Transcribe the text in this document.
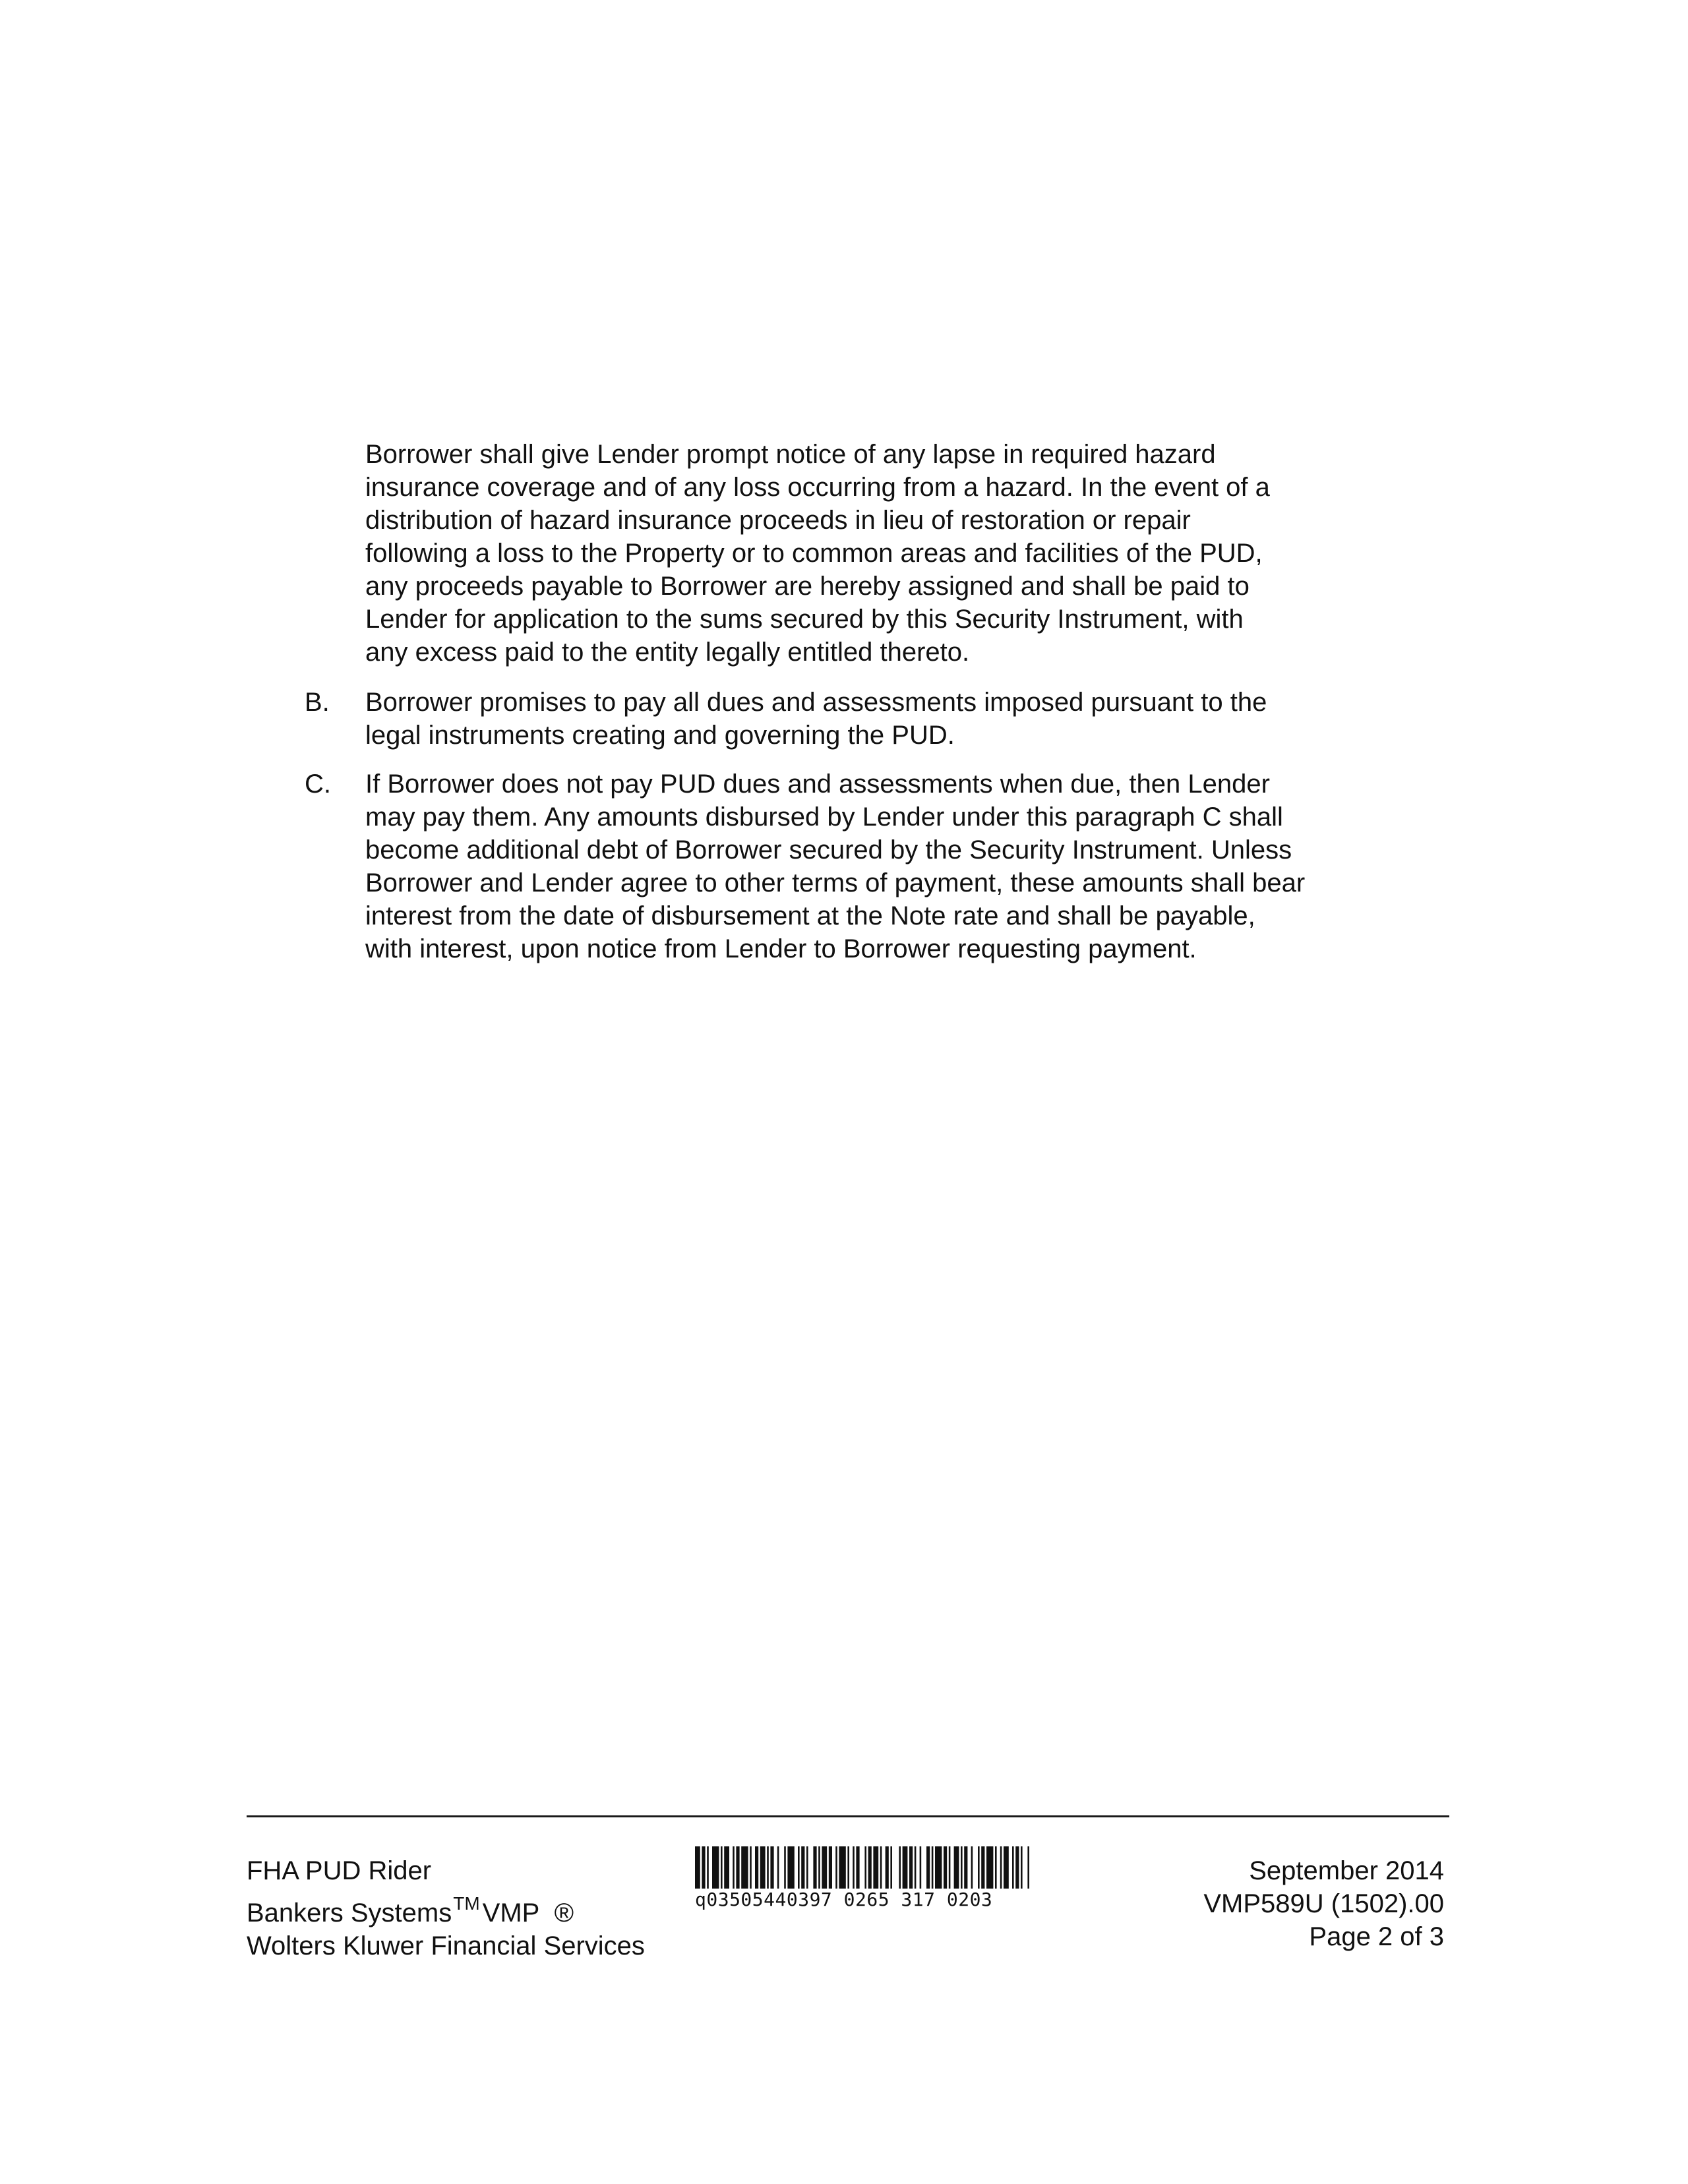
Borrower shall give Lender prompt notice of any lapse in required hazard
insurance coverage and of any loss occurring from a hazard. In the event of a
distribution of hazard insurance proceeds in lieu of restoration or repair
following a loss to the Property or to common areas and facilities of the PUD,
any proceeds payable to Borrower are hereby assigned and shall be paid to
Lender for application to the sums secured by this Security Instrument, with
any excess paid to the entity legally entitled thereto.

B. Borrower promises to pay all dues and assessments imposed pursuant to the
legal instruments creating and governing the PUD.
C. If Borrower does not pay PUD dues and assessments when due, then Lender
may pay them. Any amounts disbursed by Lender under this paragraph C shall
become additional debt of Borrower secured by the Security Instrument. Unless
Borrower and Lender agree to other terms of payment, these amounts shall bear
interest from the date of disbursement at the Note rate and shall be payable,
with interest, upon notice from Lender to Borrower requesting payment.
FHA PUD Rider
Bankers Systems™ VMP ®
Wolters Kluwer Financial Services
q03505440397 0265 317 0203
September 2014
VMP589U (1502).00
Page 2 of 3
